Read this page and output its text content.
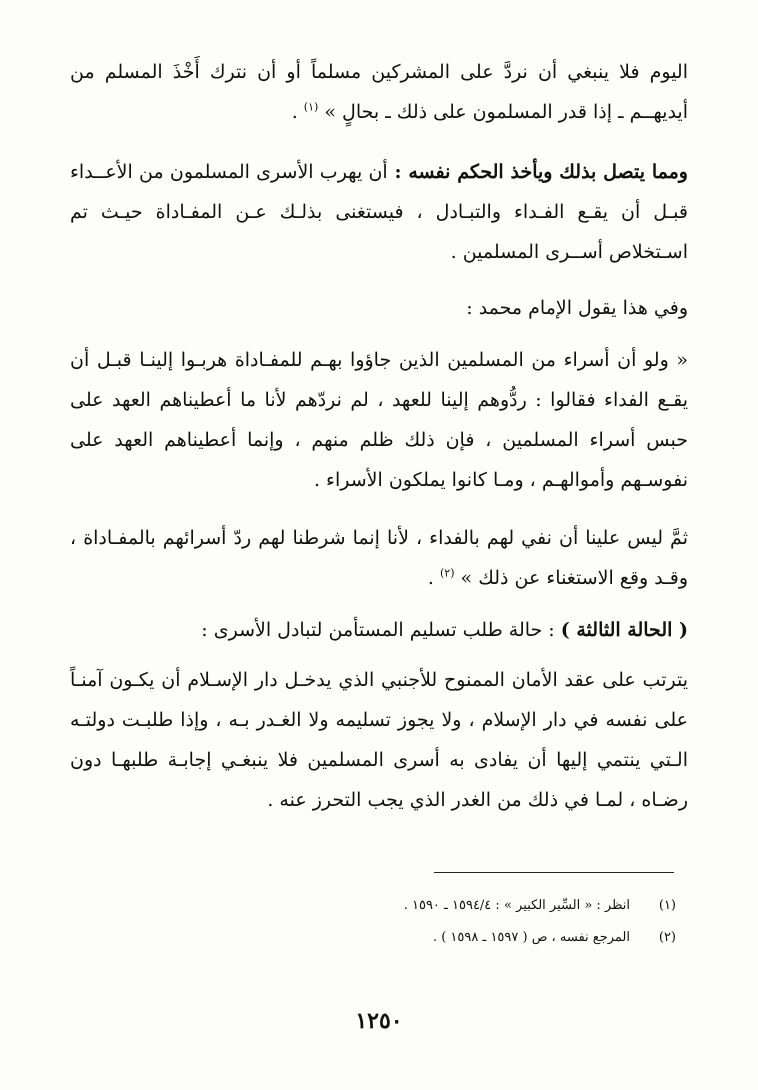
اليوم فلا ينبغي أن نردَّ على المشركين مسلماً أو أن نترك أَخْذَ المسلم من أيديهــم ـ إذا قدر المسلمون على ذلك ـ بحالٍ » $^{(١)}$ .

ومما يتصل بذلك ويأخذ الحكم نفسه : أن يهرب الأسرى المسلمون من الأعــداء قبـل أن يقـع الفـداء والتبـادل ، فيستغنى بذلـك عـن المفـاداة حيـث تم اسـتخلاص أســرى المسلمين .

وفي هذا يقول الإمام محمد :

« ولو أن أسراء من المسلمين الذين جاؤوا بهـم للمفـاداة هربـوا إلينـا قبـل أن يقـع الفداء فقالوا : ردُّوهم إلينا للعهد ، لم نردّهم لأنا ما أعطيناهم العهد على حبس أسراء المسلمين ، فإن ذلك ظلم منهم ، وإنما أعطيناهم العهد على نفوسـهم وأموالهـم ، ومـا كانوا يملكون الأسراء .

ثمَّ ليس علينا أن نفي لهم بالفداء ، لأنا إنما شرطنا لهم ردّ أسرائهم بالمفـاداة ، وقـد وقع الاستغناء عن ذلك » $^{(٢)}$ .

( الحالة الثالثة ) : حالة طلب تسليم المستأمن لتبادل الأسرى :

يترتب على عقد الأمان الممنوح للأجنبي الذي يدخـل دار الإسـلام أن يكـون آمنـاً على نفسه في دار الإسلام ، ولا يجوز تسليمه ولا الغـدر بـه ، وإذا طلبـت دولتـه الـتي ينتمي إليها أن يفادى به أسرى المسلمين فلا ينبغـي إجابـة طلبهـا دون رضـاه ، لمـا في ذلك من الغدر الذي يجب التحرز عنه .

(١)انظر : « السِّير الكبير » : ١٥٩٤/٤ ـ ١٥٩٠ .
(٢)المرجع نفسه ، ص ( ١٥٩٧ ـ ١٥٩٨ ) .
١٢٥٠
